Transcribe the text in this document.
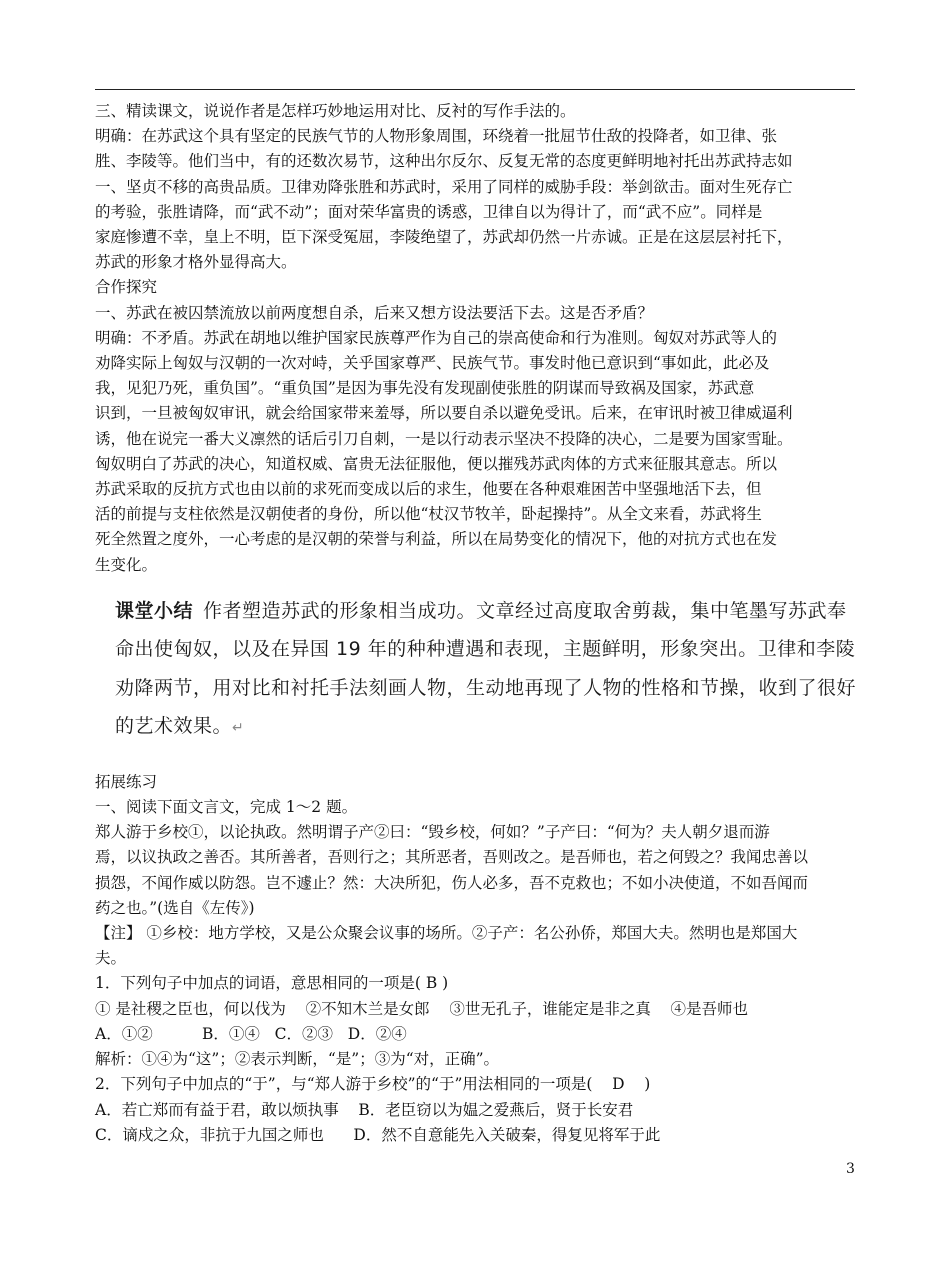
三、精读课文，说说作者是怎样巧妙地运用对比、反衬的写作手法的。

明确：在苏武这个具有坚定的民族气节的人物形象周围，环绕着一批屈节仕敌的投降者，如卫律、张

胜、李陵等。他们当中，有的还数次易节，这种出尔反尔、反复无常的态度更鲜明地衬托出苏武持志如

一、坚贞不移的高贵品质。卫律劝降张胜和苏武时，采用了同样的威胁手段：举剑欲击。面对生死存亡

的考验，张胜请降，而“武不动”；面对荣华富贵的诱惑，卫律自以为得计了，而“武不应”。同样是

家庭惨遭不幸，皇上不明，臣下深受冤屈，李陵绝望了，苏武却仍然一片赤诚。正是在这层层衬托下，

苏武的形象才格外显得高大。

合作探究

一、苏武在被囚禁流放以前两度想自杀，后来又想方设法要活下去。这是否矛盾？

明确：不矛盾。苏武在胡地以维护国家民族尊严作为自己的崇高使命和行为准则。匈奴对苏武等人的

劝降实际上匈奴与汉朝的一次对峙，关乎国家尊严、民族气节。事发时他已意识到“事如此，此必及

我，见犯乃死，重负国”。“重负国”是因为事先没有发现副使张胜的阴谋而导致祸及国家，苏武意

识到，一旦被匈奴审讯，就会给国家带来羞辱，所以要自杀以避免受讯。后来，在审讯时被卫律威逼利

诱，他在说完一番大义凛然的话后引刀自刺，一是以行动表示坚决不投降的决心，二是要为国家雪耻。

匈奴明白了苏武的决心，知道权威、富贵无法征服他，便以摧残苏武肉体的方式来征服其意志。所以

苏武采取的反抗方式也由以前的求死而变成以后的求生，他要在各种艰难困苦中坚强地活下去，但

活的前提与支柱依然是汉朝使者的身份，所以他“杖汉节牧羊，卧起操持”。从全文来看，苏武将生

死全然置之度外，一心考虑的是汉朝的荣誉与利益，所以在局势变化的情况下，他的对抗方式也在发

生变化。

课堂小结 作者塑造苏武的形象相当成功。文章经过高度取舍剪裁，集中笔墨写苏武奉
命出使匈奴，以及在异国 19 年的种种遭遇和表现，主题鲜明，形象突出。卫律和李陵
劝降两节，用对比和衬托手法刻画人物，生动地再现了人物的性格和节操，收到了很好
的艺术效果。↵

拓展练习

一、阅读下面文言文，完成 1～2 题。

郑人游于乡校①，以论执政。然明谓子产②曰：“毁乡校，何如？”子产曰：“何为？夫人朝夕退而游

焉，以议执政之善否。其所善者，吾则行之；其所恶者，吾则改之。是吾师也，若之何毁之？我闻忠善以

损怨，不闻作威以防怨。岂不遽止？然：大决所犯，伤人必多，吾不克救也；不如小决使道，不如吾闻而

药之也。”(选自《左传》)

【注】 ①乡校：地方学校，又是公众聚会议事的场所。②子产：名公孙侨，郑国大夫。然明也是郑国大

夫。

1．下列句子中加点的词语，意思相同的一项是( B )

① 是社稷之臣也，何以伐为    ②不知木兰是女郎    ③世无孔子，谁能定是非之真    ④是吾师也

A．①②          B．①④   C．②③   D．②④

解析：①④为“这”；②表示判断，“是”；③为“对，正确”。

2．下列句子中加点的“于”，与“郑人游于乡校”的“于”用法相同的一项是(    D    )

A．若亡郑而有益于君，敢以烦执事    B．老臣窃以为媪之爱燕后，贤于长安君

C．谪戍之众，非抗于九国之师也      D．然不自意能先入关破秦，得复见将军于此

3
